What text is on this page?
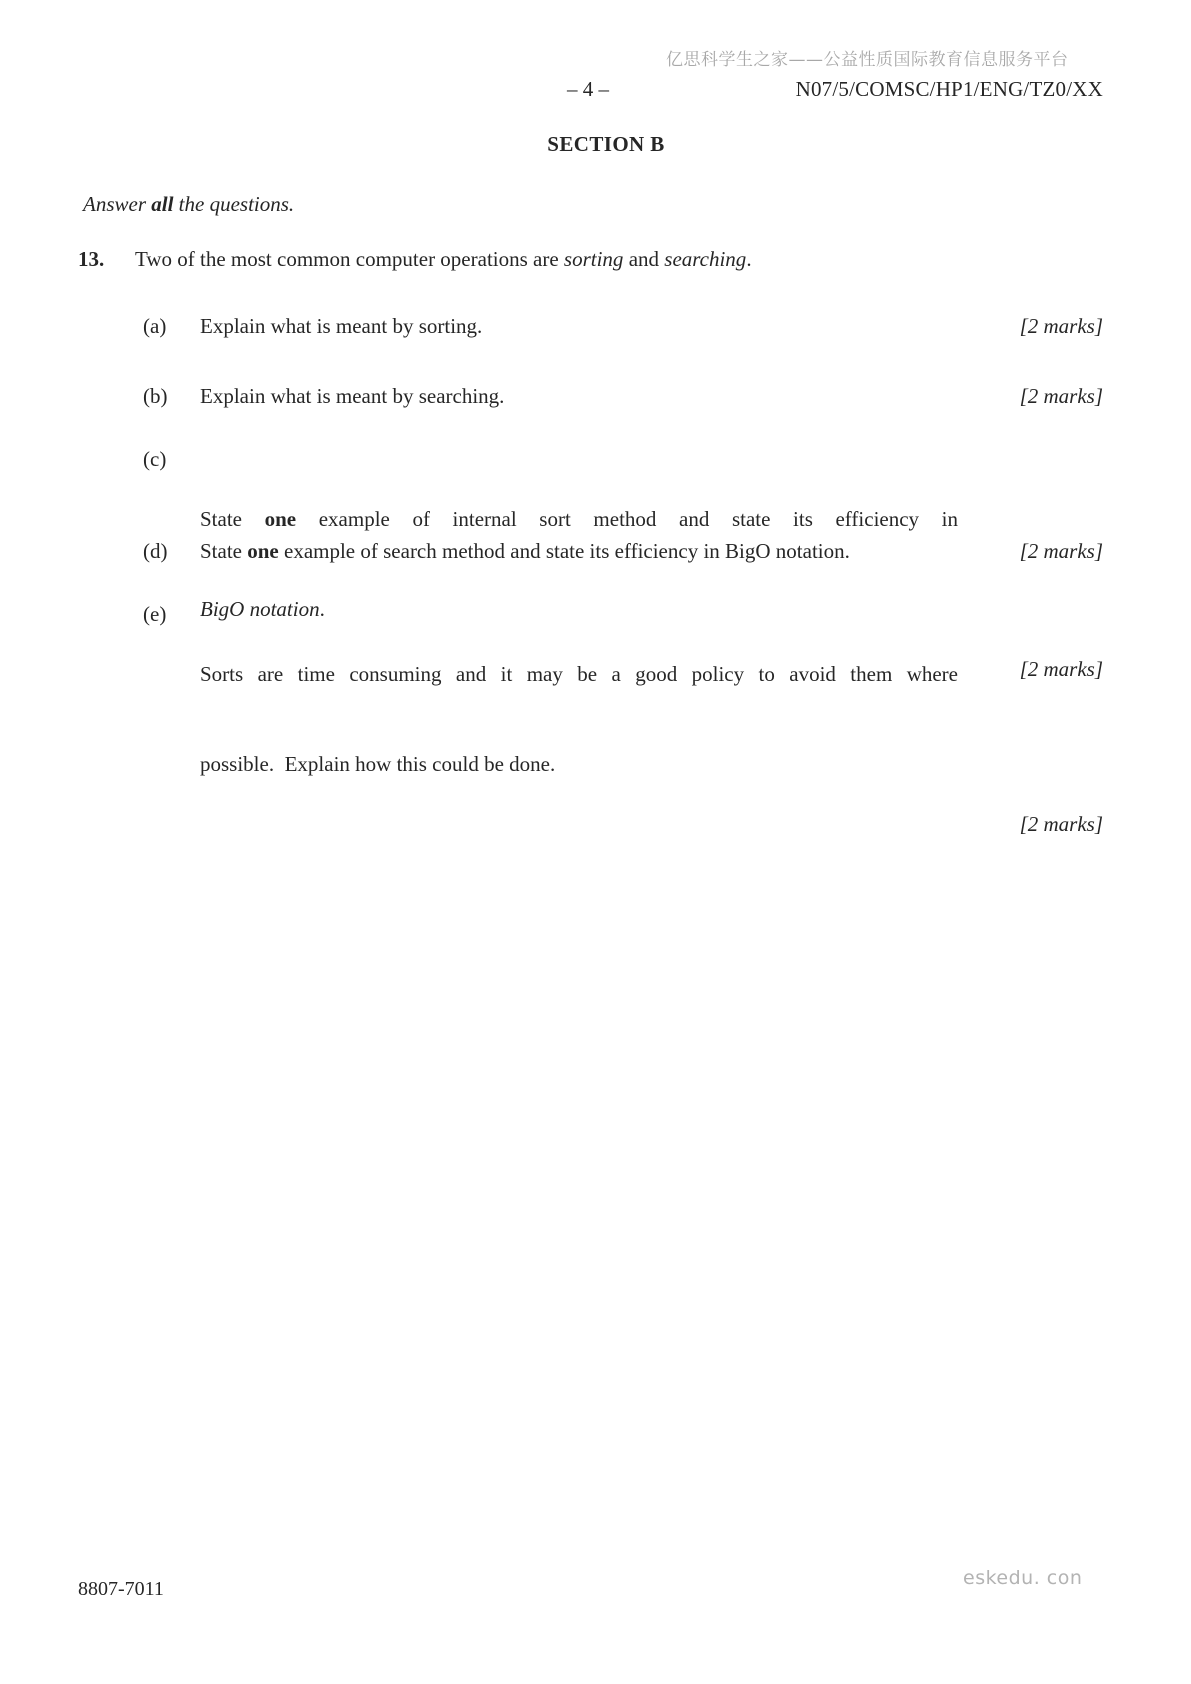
亿思科学生之家——公益性质国际教育信息服务平台
– 4 –	N07/5/COMSC/HP1/ENG/TZ0/XX
SECTION B
Answer all the questions.
13. Two of the most common computer operations are sorting and searching.
(a) Explain what is meant by sorting.	[2 marks]
(b) Explain what is meant by searching.	[2 marks]
(c)

State one example of internal sort method and state its efficiency in

BigO notation.

[2 marks]
(d) State one example of search method and state its efficiency in BigO notation.	[2 marks]
(e)

Sorts are time consuming and it may be a good policy to avoid them where

possible.  Explain how this could be done.

[2 marks]
8807-7011	eskedu. con
